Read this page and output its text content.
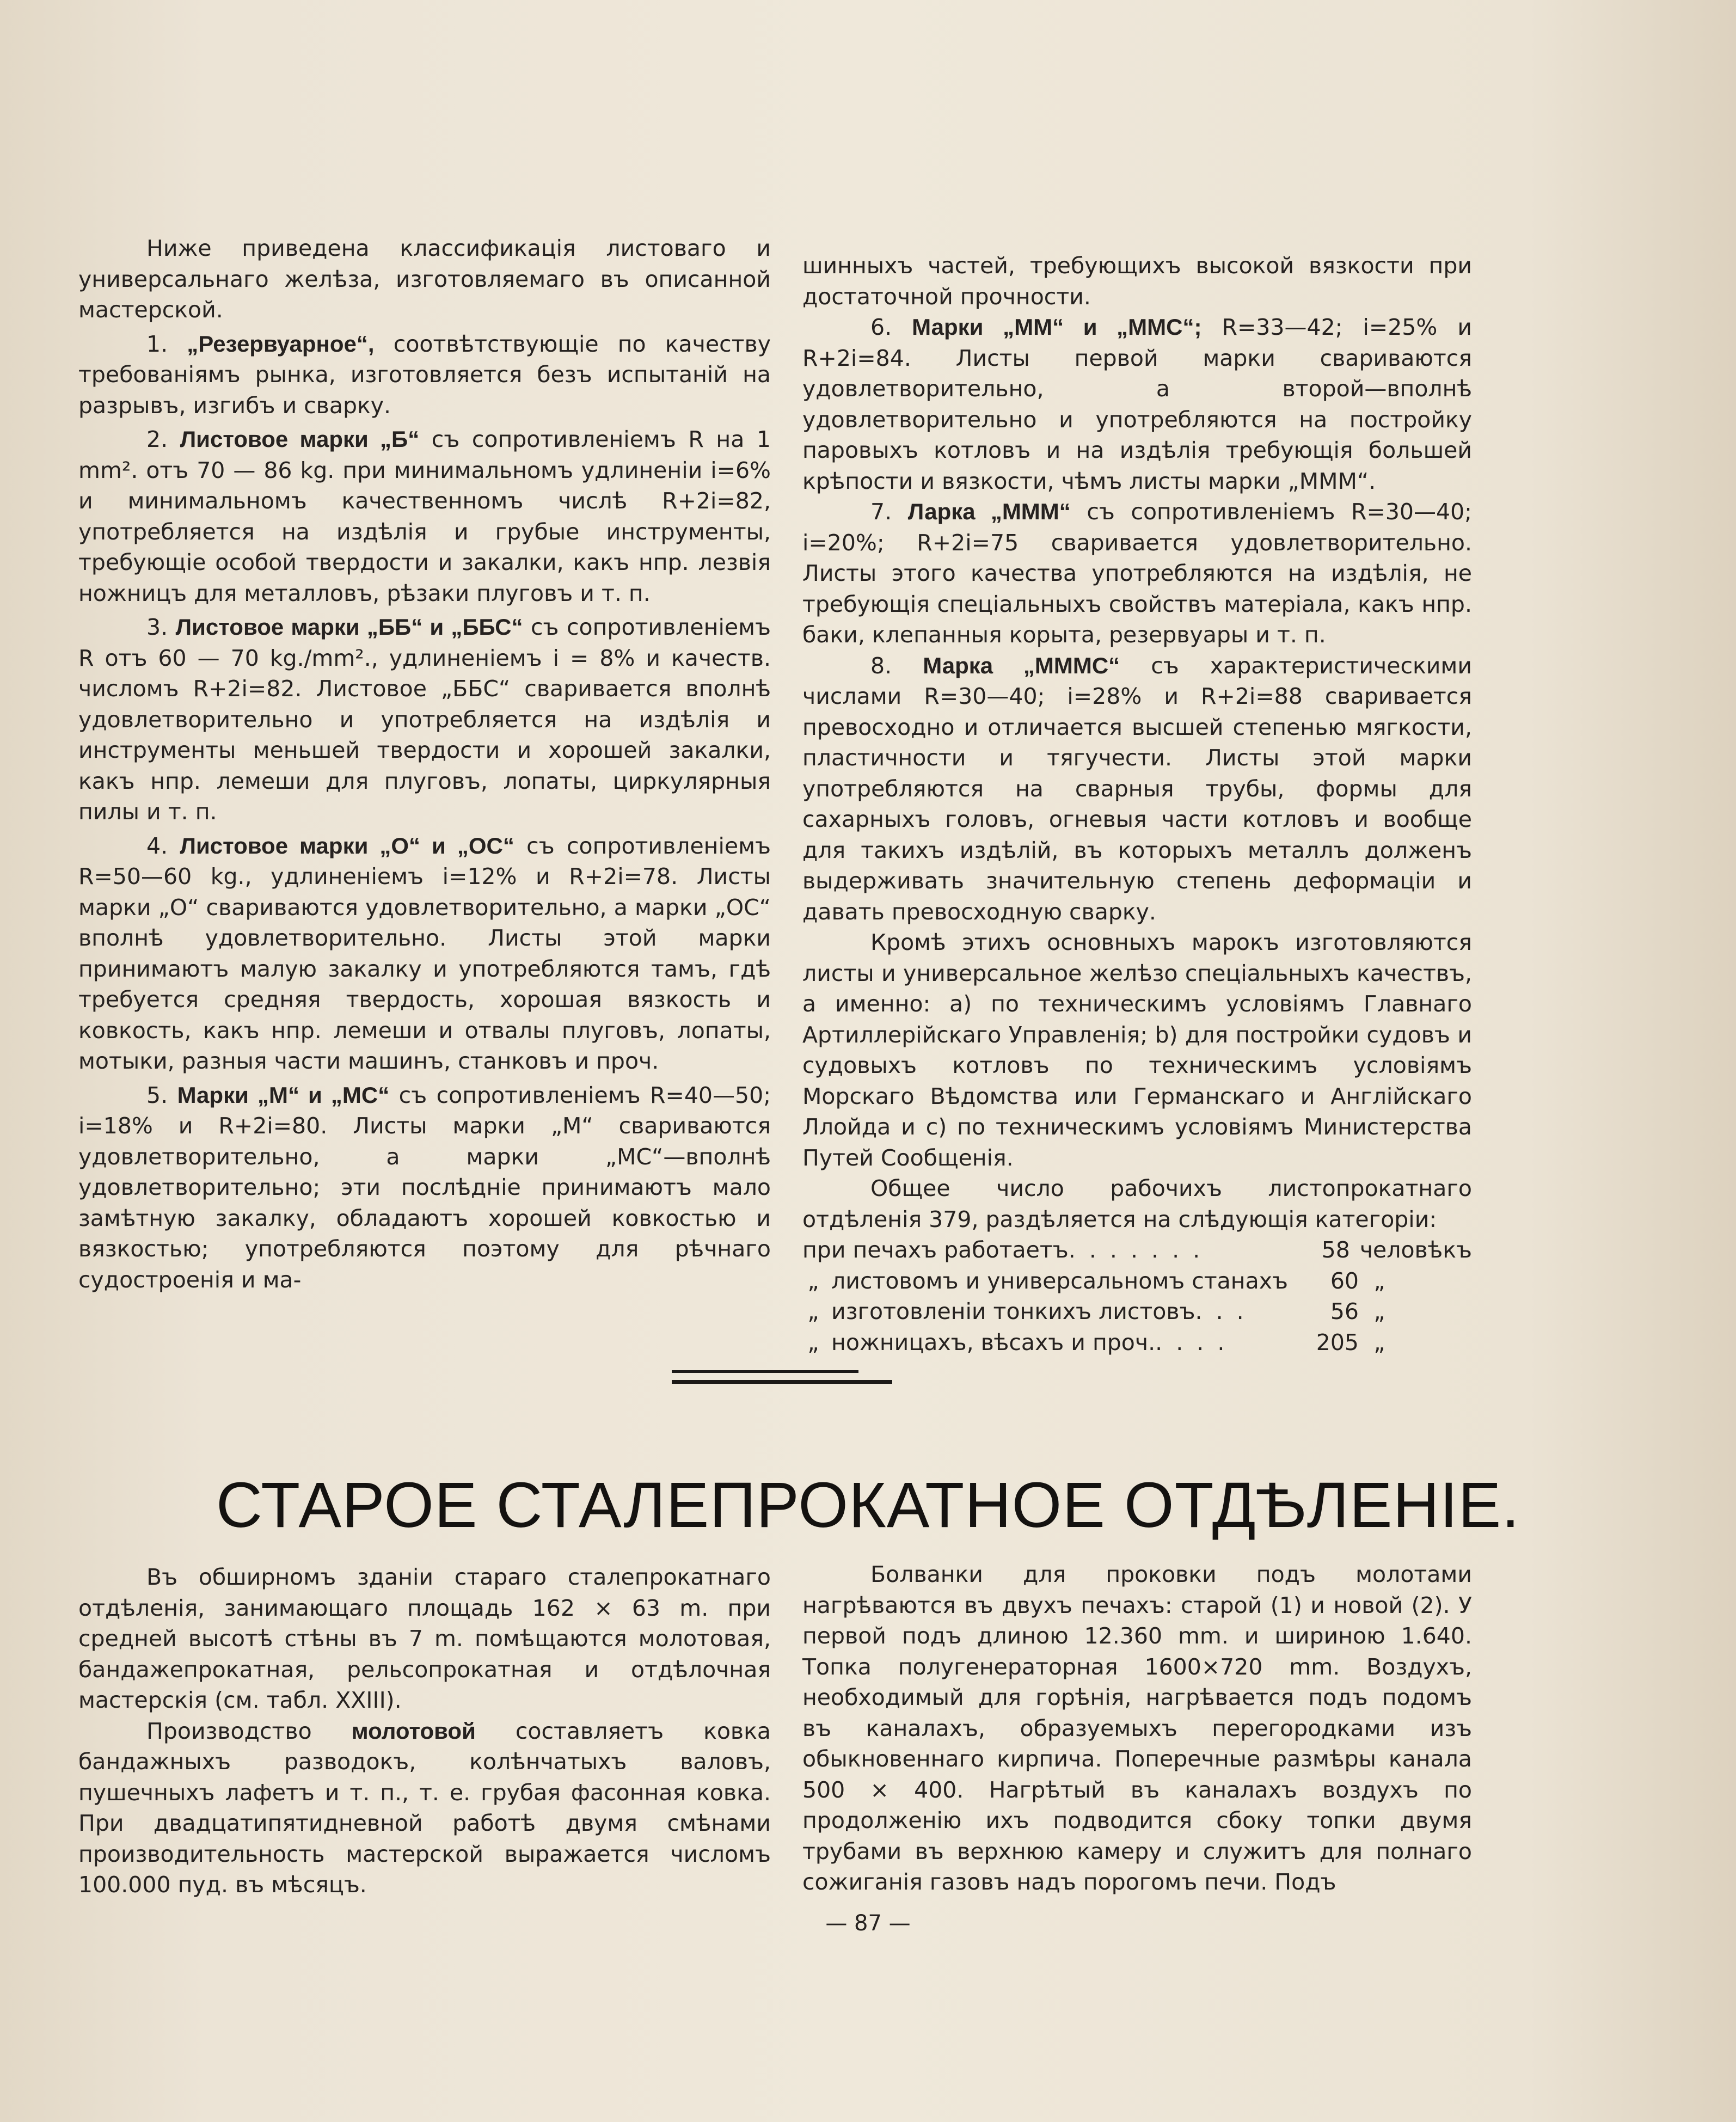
Ниже приведена классификація листоваго и универсальнаго желѣза, изготовляемаго въ описанной мастерской.

1. „Резервуарное“, соотвѣтствующіе по качеству требованіямъ рынка, изготовляется безъ испытаній на разрывъ, изгибъ и сварку.

2. Листовое марки „Б“ съ сопротивленіемъ R на 1 mm². отъ 70 — 86 kg. при минимальномъ удлиненіи i=6% и минимальномъ качественномъ числѣ R+2i=82, употребляется на издѣлія и грубые инструменты, требующіе особой твердости и закалки, какъ нпр. лезвія ножницъ для металловъ, рѣзаки плуговъ и т. п.

3. Листовое марки „ББ“ и „ББС“ съ сопротивленіемъ R отъ 60 — 70 kg./mm²., удлиненіемъ i = 8% и качеств. числомъ R+2i=82. Листовое „ББС“ сваривается вполнѣ удовлетворительно и употребляется на издѣлія и инструменты меньшей твердости и хорошей закалки, какъ нпр. лемеши для плуговъ, лопаты, циркулярныя пилы и т. п.

4. Листовое марки „О“ и „ОС“ съ сопротивленіемъ R=50—60 kg., удлиненіемъ i=12% и R+2i=78. Листы марки „О“ свариваются удовлетворительно, а марки „ОС“ вполнѣ удовлетворительно. Листы этой марки принимаютъ малую закалку и употребляются тамъ, гдѣ требуется средняя твердость, хорошая вязкость и ковкость, какъ нпр. лемеши и отвалы плуговъ, лопаты, мотыки, разныя части машинъ, станковъ и проч.

5. Марки „М“ и „МС“ съ сопротивленіемъ R=40—50; i=18% и R+2i=80. Листы марки „М“ свариваются удовлетворительно, а марки „МС“—вполнѣ удовлетворительно; эти послѣдніе принимаютъ мало замѣтную закалку, обладаютъ хорошей ковкостью и вязкостью; употребляются поэтому для рѣчнаго судостроенія и ма-

шинныхъ частей, требующихъ высокой вязкости при достаточной прочности.

6. Марки „ММ“ и „ММС“; R=33—42; i=25% и R+2i=84. Листы первой марки свариваются удовлетворительно, а второй—вполнѣ удовлетворительно и употребляются на постройку паровыхъ котловъ и на издѣлія требующія большей крѣпости и вязкости, чѣмъ листы марки „МММ“.

7. Ларка „МММ“ съ сопротивленіемъ R=30—40; i=20%; R+2i=75 сваривается удовлетворительно. Листы этого качества употребляются на издѣлія, не требующія спеціальныхъ свойствъ матеріала, какъ нпр. баки, клепанныя корыта, резервуары и т. п.

8. Марка „ММMС“ съ характеристическими числами R=30—40; i=28% и R+2i=88 сваривается превосходно и отличается высшей степенью мягкости, пластичности и тягучести. Листы этой марки употребляются на сварныя трубы, формы для сахарныхъ головъ, огневыя части котловъ и вообще для такихъ издѣлій, въ которыхъ металлъ долженъ выдерживать значительную степень деформаціи и давать превосходную сварку.

Кромѣ этихъ основныхъ марокъ изготовляются листы и универсальное желѣзо спеціальныхъ качествъ, а именно: a) по техническимъ условіямъ Главнаго Артиллерійскаго Управленія; b) для постройки судовъ и судовыхъ котловъ по техническимъ условіямъ Морскаго Вѣдомства или Германскаго и Англійскаго Ллойда и c) по техническимъ условіямъ Министерства Путей Сообщенія.

Общее число рабочихъ листопрокатнаго отдѣленія 379, раздѣляется на слѣдующія категоріи:

при печахъ работаетъ . . . . . . .	58 человѣкъ
„ листовомъ и универсальномъ станахъ	60 „
„ изготовленіи тонкихъ листовъ . . .	56 „
„ ножницахъ, вѣсахъ и проч. . . . .	205 „
СТАРОЕ СТАЛЕПРОКАТНОЕ ОТДѢЛЕНІЕ.

Въ обширномъ зданіи стараго сталепрокатнаго отдѣленія, занимающаго площадь 162 ⨯ 63 m. при средней высотѣ стѣны въ 7 m. помѣщаются молотовая, бандажепрокатная, рельсопрокатная и отдѣлочная мастерскія (см. табл. XXIII).

Производство молотовой составляетъ ковка бандажныхъ разводокъ, колѣнчатыхъ валовъ, пушечныхъ лафетъ и т. п., т. е. грубая фасонная ковка. При двадцатипятидневной работѣ двумя смѣнами производительность мастерской выражается числомъ 100.000 пуд. въ мѣсяцъ.

Болванки для проковки подъ молотами нагрѣваются въ двухъ печахъ: старой (1) и новой (2). У первой подъ длиною 12.360 mm. и шириною 1.640. Топка полугенераторная 1600⨯720 mm. Воздухъ, необходимый для горѣнія, нагрѣвается подъ подомъ въ каналахъ, образуемыхъ перегородками изъ обыкновеннаго кирпича. Поперечные размѣры канала 500 ⨯ 400. Нагрѣтый въ каналахъ воздухъ по продолженію ихъ подводится сбоку топки двумя трубами въ верхнюю камеру и служитъ для полнаго сожиганія газовъ надъ порогомъ печи. Подъ

— 87 —
